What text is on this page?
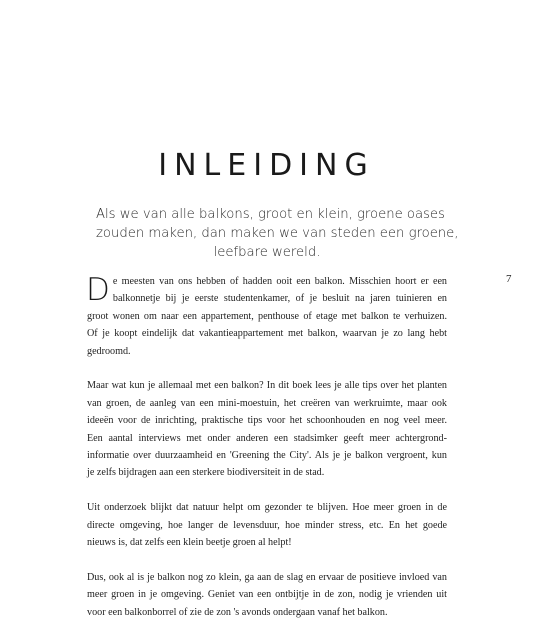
INLEIDING

Als we van alle balkons, groot en klein, groene oases
zouden maken, dan maken we van steden een groene,
leefbare wereld.

7
D e meesten van ons hebben of hadden ooit een balkon. Misschien hoort er een
balkonnetje bij je eerste studentenkamer, of je besluit na jaren tuinieren en
groot wonen om naar een appartement, penthouse of etage met balkon te verhuizen.
Of je koopt eindelijk dat vakantieappartement met balkon, waarvan je zo lang hebt
gedroomd.
Maar wat kun je allemaal met een balkon? In dit boek lees je alle tips over het planten
van groen, de aanleg van een mini-moestuin, het creëren van werkruimte, maar ook
ideeën voor de inrichting, praktische tips voor het schoonhouden en nog veel meer.
Een aantal interviews met onder anderen een stadsimker geeft meer achtergrond-
informatie over duurzaamheid en 'Greening the City'. Als je je balkon vergroent, kun
je zelfs bijdragen aan een sterkere biodiversiteit in de stad.
Uit onderzoek blijkt dat natuur helpt om gezonder te blijven. Hoe meer groen in de
directe omgeving, hoe langer de levensduur, hoe minder stress, etc. En het goede
nieuws is, dat zelfs een klein beetje groen al helpt!
Dus, ook al is je balkon nog zo klein, ga aan de slag en ervaar de positieve invloed van
meer groen in je omgeving. Geniet van een ontbijtje in de zon, nodig je vrienden uit
voor een balkonborrel of zie de zon 's avonds ondergaan vanaf het balkon.
